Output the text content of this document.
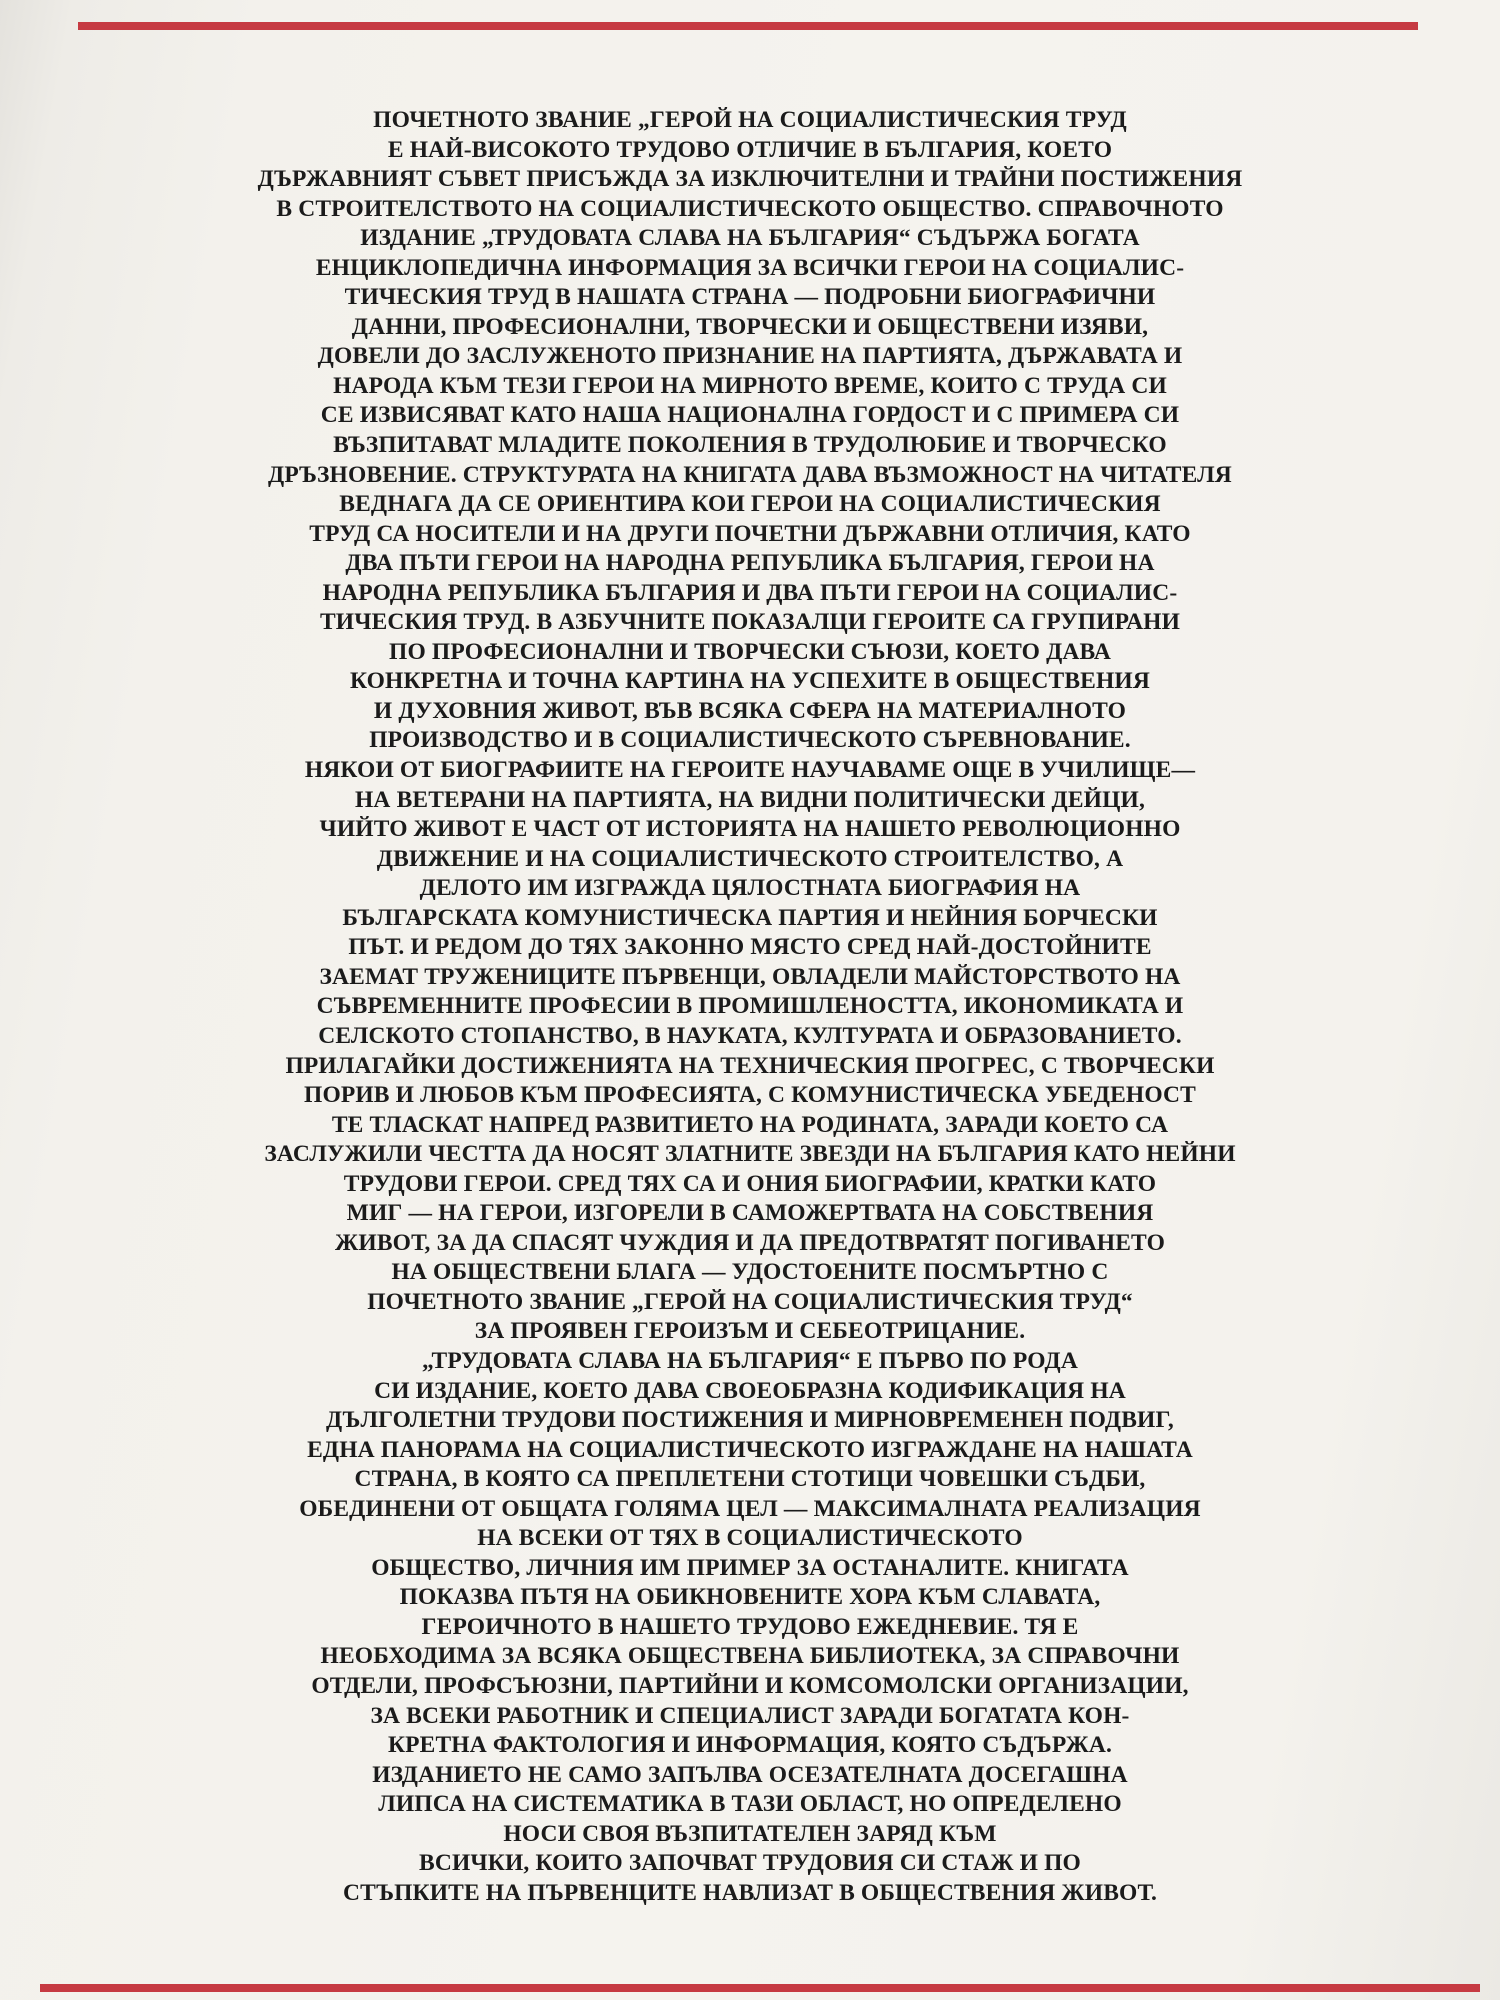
ПОЧЕТНОТО ЗВАНИЕ „ГЕРОЙ НА СОЦИАЛИСТИЧЕСКИЯ ТРУД
Е НАЙ-ВИСОКОТО ТРУДОВО ОТЛИЧИЕ В БЪЛГАРИЯ, КОЕТО
ДЪРЖАВНИЯТ СЪВЕТ ПРИСЪЖДА ЗА ИЗКЛЮЧИТЕЛНИ И ТРАЙНИ ПОСТИЖЕНИЯ
В СТРОИТЕЛСТВОТО НА СОЦИАЛИСТИЧЕСКОТО ОБЩЕСТВО. СПРАВОЧНОТО
ИЗДАНИЕ „ТРУДОВАТА СЛАВА НА БЪЛГАРИЯ“ СЪДЪРЖА БОГАТА
ЕНЦИКЛОПЕДИЧНА ИНФОРМАЦИЯ ЗА ВСИЧКИ ГЕРОИ НА СОЦИАЛИС-
ТИЧЕСКИЯ ТРУД В НАШАТА СТРАНА — ПОДРОБНИ БИОГРАФИЧНИ
ДАННИ, ПРОФЕСИОНАЛНИ, ТВОРЧЕСКИ И ОБЩЕСТВЕНИ ИЗЯВИ,
ДОВЕЛИ ДО ЗАСЛУЖЕНОТО ПРИЗНАНИЕ НА ПАРТИЯТА, ДЪРЖАВАТА И
НАРОДА КЪМ ТЕЗИ ГЕРОИ НА МИРНОТО ВРЕМЕ, КОИТО С ТРУДА СИ
СЕ ИЗВИСЯВАТ КАТО НАША НАЦИОНАЛНА ГОРДОСТ И С ПРИМЕРА СИ
ВЪЗПИТАВАТ МЛАДИТЕ ПОКОЛЕНИЯ В ТРУДОЛЮБИЕ И ТВОРЧЕСКО
ДРЪЗНОВЕНИЕ. СТРУКТУРАТА НА КНИГАТА ДАВА ВЪЗМОЖНОСТ НА ЧИТАТЕЛЯ
ВЕДНАГА ДА СЕ ОРИЕНТИРА КОИ ГЕРОИ НА СОЦИАЛИСТИЧЕСКИЯ
ТРУД СА НОСИТЕЛИ И НА ДРУГИ ПОЧЕТНИ ДЪРЖАВНИ ОТЛИЧИЯ, КАТО
ДВА ПЪТИ ГЕРОИ НА НАРОДНА РЕПУБЛИКА БЪЛГАРИЯ, ГЕРОИ НА
НАРОДНА РЕПУБЛИКА БЪЛГАРИЯ И ДВА ПЪТИ ГЕРОИ НА СОЦИАЛИС-
ТИЧЕСКИЯ ТРУД. В АЗБУЧНИТЕ ПОКАЗАЛЦИ ГЕРОИТЕ СА ГРУПИРАНИ
ПО ПРОФЕСИОНАЛНИ И ТВОРЧЕСКИ СЪЮЗИ, КОЕТО ДАВА
КОНКРЕТНА И ТОЧНА КАРТИНА НА УСПЕХИТЕ В ОБЩЕСТВЕНИЯ
И ДУХОВНИЯ ЖИВОТ, ВЪВ ВСЯКА СФЕРА НА МАТЕРИАЛНОТО
ПРОИЗВОДСТВО И В СОЦИАЛИСТИЧЕСКОТО СЪРЕВНОВАНИЕ.
НЯКОИ ОТ БИОГРАФИИТЕ НА ГЕРОИТЕ НАУЧАВАМЕ ОЩЕ В УЧИЛИЩЕ—
НА ВЕТЕРАНИ НА ПАРТИЯТА, НА ВИДНИ ПОЛИТИЧЕСКИ ДЕЙЦИ,
ЧИЙТО ЖИВОТ Е ЧАСТ ОТ ИСТОРИЯТА НА НАШЕТО РЕВОЛЮЦИОННО
ДВИЖЕНИЕ И НА СОЦИАЛИСТИЧЕСКОТО СТРОИТЕЛСТВО, А
ДЕЛОТО ИМ ИЗГРАЖДА ЦЯЛОСТНАТА БИОГРАФИЯ НА
БЪЛГАРСКАТА КОМУНИСТИЧЕСКА ПАРТИЯ И НЕЙНИЯ БОРЧЕСКИ
ПЪТ. И РЕДОМ ДО ТЯХ ЗАКОННО МЯСТО СРЕД НАЙ-ДОСТОЙНИТЕ
ЗАЕМАТ ТРУЖЕНИЦИТЕ ПЪРВЕНЦИ, ОВЛАДЕЛИ МАЙСТОРСТВОТО НА
СЪВРЕМЕННИТЕ ПРОФЕСИИ В ПРОМИШЛЕНОСТТА, ИКОНОМИКАТА И
СЕЛСКОТО СТОПАНСТВО, В НАУКАТА, КУЛТУРАТА И ОБРАЗОВАНИЕТО.
ПРИЛАГАЙКИ ДОСТИЖЕНИЯТА НА ТЕХНИЧЕСКИЯ ПРОГРЕС, С ТВОРЧЕСКИ
ПОРИВ И ЛЮБОВ КЪМ ПРОФЕСИЯТА, С КОМУНИСТИЧЕСКА УБЕДЕНОСТ
ТЕ ТЛАСКАТ НАПРЕД РАЗВИТИЕТО НА РОДИНАТА, ЗАРАДИ КОЕТО СА
ЗАСЛУЖИЛИ ЧЕСТТА ДА НОСЯТ ЗЛАТНИТЕ ЗВЕЗДИ НА БЪЛГАРИЯ КАТО НЕЙНИ
ТРУДОВИ ГЕРОИ. СРЕД ТЯХ СА И ОНИЯ БИОГРАФИИ, КРАТКИ КАТО
МИГ — НА ГЕРОИ, ИЗГОРЕЛИ В САМОЖЕРТВАТА НА СОБСТВЕНИЯ
ЖИВОТ, ЗА ДА СПАСЯТ ЧУЖДИЯ И ДА ПРЕДОТВРАТЯТ ПОГИВАНЕТО
НА ОБЩЕСТВЕНИ БЛАГА — УДОСТОЕНИТЕ ПОСМЪРТНО С
ПОЧЕТНОТО ЗВАНИЕ „ГЕРОЙ НА СОЦИАЛИСТИЧЕСКИЯ ТРУД“
ЗА ПРОЯВЕН ГЕРОИЗЪМ И СЕБЕОТРИЦАНИЕ.
„ТРУДОВАТА СЛАВА НА БЪЛГАРИЯ“ Е ПЪРВО ПО РОДА
СИ ИЗДАНИЕ, КОЕТО ДАВА СВОЕОБРАЗНА КОДИФИКАЦИЯ НА
ДЪЛГОЛЕТНИ ТРУДОВИ ПОСТИЖЕНИЯ И МИРНОВРЕМЕНЕН ПОДВИГ,
ЕДНА ПАНОРАМА НА СОЦИАЛИСТИЧЕСКОТО ИЗГРАЖДАНЕ НА НАШАТА
СТРАНА, В КОЯТО СА ПРЕПЛЕТЕНИ СТОТИЦИ ЧОВЕШКИ СЪДБИ,
ОБЕДИНЕНИ ОТ ОБЩАТА ГОЛЯМА ЦЕЛ — МАКСИМАЛНАТА РЕАЛИЗАЦИЯ
НА ВСЕКИ ОТ ТЯХ В СОЦИАЛИСТИЧЕСКОТО
ОБЩЕСТВО, ЛИЧНИЯ ИМ ПРИМЕР ЗА ОСТАНАЛИТЕ. КНИГАТА
ПОКАЗВА ПЪТЯ НА ОБИКНОВЕНИТЕ ХОРА КЪМ СЛАВАТА,
ГЕРОИЧНОТО В НАШЕТО ТРУДОВО ЕЖЕДНЕВИЕ. ТЯ Е
НЕОБХОДИМА ЗА ВСЯКА ОБЩЕСТВЕНА БИБЛИОТЕКА, ЗА СПРАВОЧНИ
ОТДЕЛИ, ПРОФСЪЮЗНИ, ПАРТИЙНИ И КОМСОМОЛСКИ ОРГАНИЗАЦИИ,
ЗА ВСЕКИ РАБОТНИК И СПЕЦИАЛИСТ ЗАРАДИ БОГАТАТА КОН-
КРЕТНА ФАКТОЛОГИЯ И ИНФОРМАЦИЯ, КОЯТО СЪДЪРЖА.
ИЗДАНИЕТО НЕ САМО ЗАПЪЛВА ОСЕЗАТЕЛНАТА ДОСЕГАШНА
ЛИПСА НА СИСТЕМАТИКА В ТАЗИ ОБЛАСТ, НО ОПРЕДЕЛЕНО
НОСИ СВОЯ ВЪЗПИТАТЕЛЕН ЗАРЯД КЪМ
ВСИЧКИ, КОИТО ЗАПОЧВАТ ТРУДОВИЯ СИ СТАЖ И ПО
СТЪПКИТЕ НА ПЪРВЕНЦИТЕ НАВЛИЗАТ В ОБЩЕСТВЕНИЯ ЖИВОТ.
